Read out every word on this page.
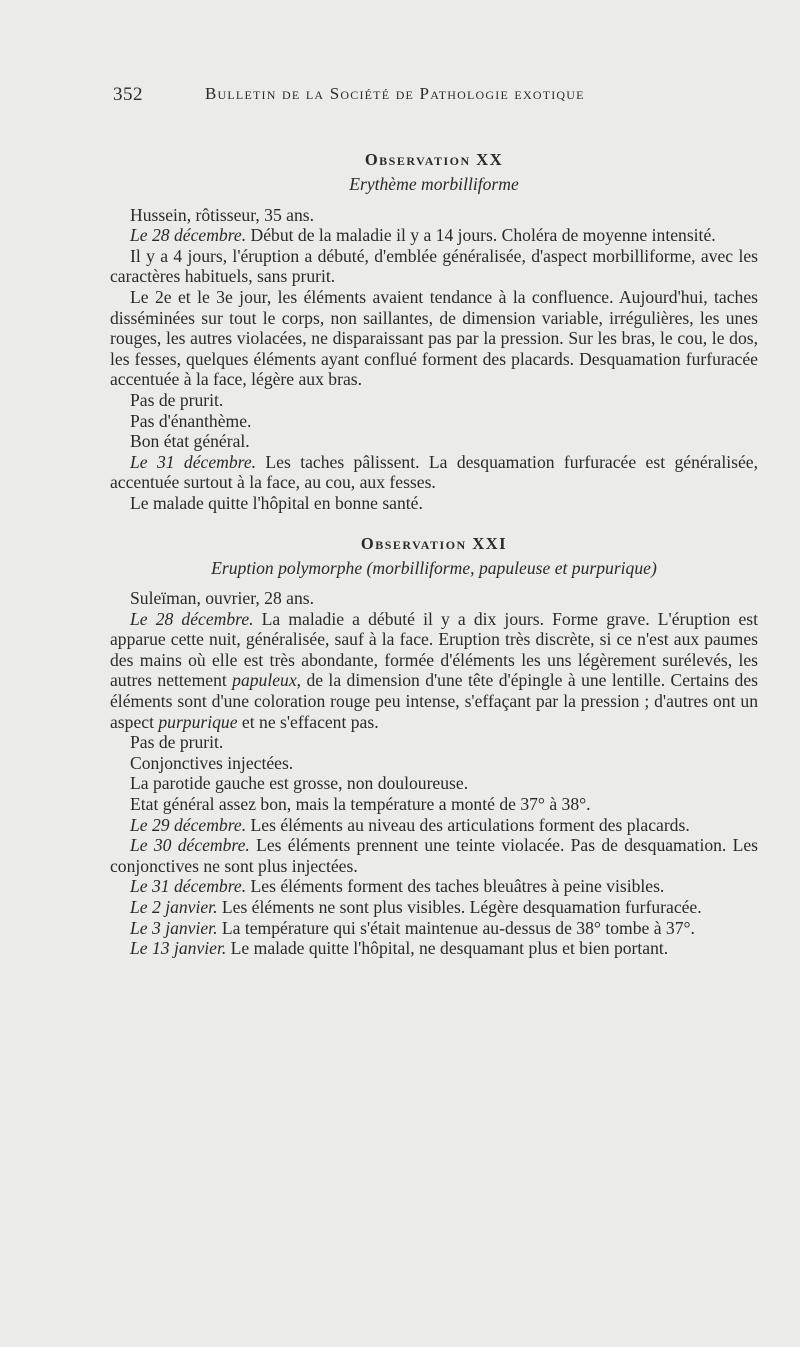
352	Bulletin de la Société de Pathologie exotique
Observation XX
Erythème morbilliforme

Hussein, rôtisseur, 35 ans.

Le 28 décembre. Début de la maladie il y a 14 jours. Choléra de moyenne intensité.

Il y a 4 jours, l'éruption a débuté, d'emblée généralisée, d'aspect morbilliforme, avec les caractères habituels, sans prurit.

Le 2e et le 3e jour, les éléments avaient tendance à la confluence. Aujourd'hui, taches disséminées sur tout le corps, non saillantes, de dimension variable, irrégulières, les unes rouges, les autres violacées, ne disparaissant pas par la pression. Sur les bras, le cou, le dos, les fesses, quelques éléments ayant conflué forment des placards. Desquamation furfuracée accentuée à la face, légère aux bras.

Pas de prurit.

Pas d'énanthème.

Bon état général.

Le 31 décembre. Les taches pâlissent. La desquamation furfuracée est généralisée, accentuée surtout à la face, au cou, aux fesses.

Le malade quitte l'hôpital en bonne santé.

Observation XXI
Eruption polymorphe (morbilliforme, papuleuse et purpurique)

Suleïman, ouvrier, 28 ans.

Le 28 décembre. La maladie a débuté il y a dix jours. Forme grave. L'éruption est apparue cette nuit, généralisée, sauf à la face. Eruption très discrète, si ce n'est aux paumes des mains où elle est très abondante, formée d'éléments les uns légèrement surélevés, les autres nettement papuleux, de la dimension d'une tête d'épingle à une lentille. Certains des éléments sont d'une coloration rouge peu intense, s'effaçant par la pression ; d'autres ont un aspect purpurique et ne s'effacent pas.

Pas de prurit.

Conjonctives injectées.

La parotide gauche est grosse, non douloureuse.

Etat général assez bon, mais la température a monté de 37° à 38°.

Le 29 décembre. Les éléments au niveau des articulations forment des placards.

Le 30 décembre. Les éléments prennent une teinte violacée. Pas de desquamation. Les conjonctives ne sont plus injectées.

Le 31 décembre. Les éléments forment des taches bleuâtres à peine visibles.

Le 2 janvier. Les éléments ne sont plus visibles. Légère desquamation furfuracée.

Le 3 janvier. La température qui s'était maintenue au-dessus de 38° tombe à 37°.

Le 13 janvier. Le malade quitte l'hôpital, ne desquamant plus et bien portant.
